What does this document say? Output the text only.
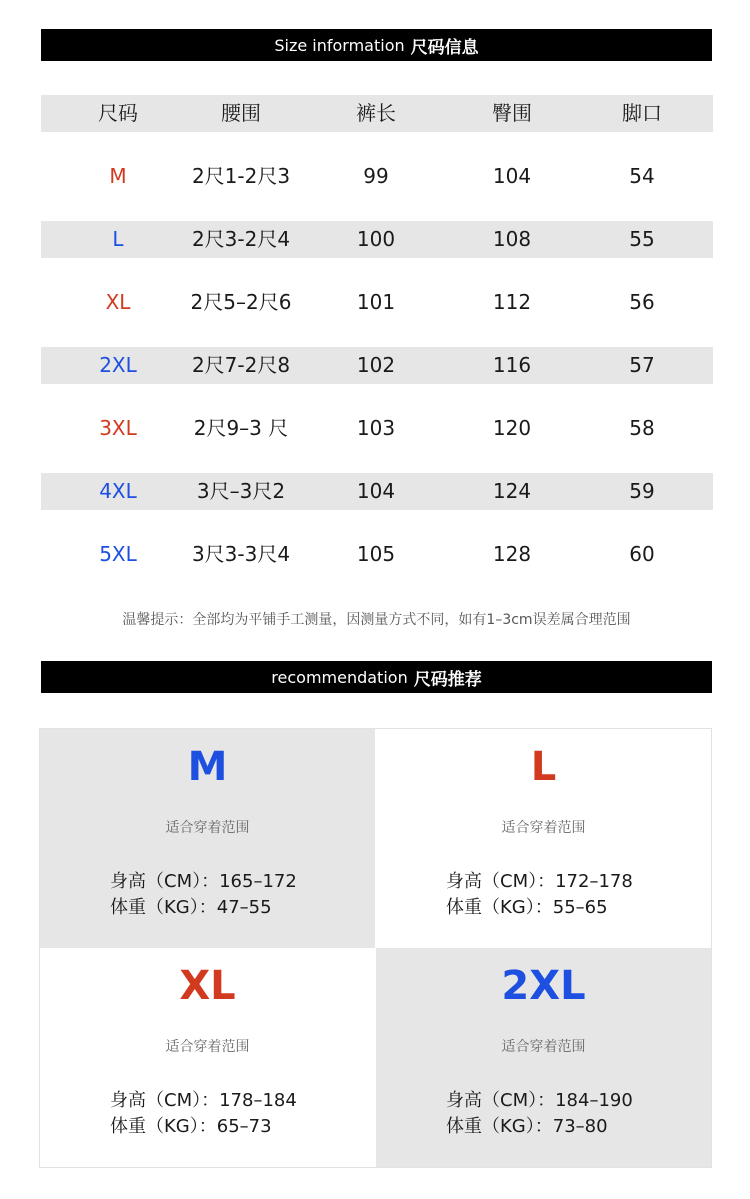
Size information 尺码信息
尺码	腰围	裤长	臀围	脚口
M	2尺1-2尺3	99	104	54
L	2尺3-2尺4	100	108	55
XL	2尺5–2尺6	101	112	56
2XL	2尺7-2尺8	102	116	57
3XL	2尺9–3 尺	103	120	58
4XL	3尺–3尺2	104	124	59
5XL	3尺3-3尺4	105	128	60
温馨提示：全部均为平铺手工测量，因测量方式不同，如有1–3cm误差属合理范围
recommendation 尺码推荐
M
适合穿着范围
身高（CM）：165–172
体重（KG）：47–55
L
适合穿着范围
身高（CM）：172–178
体重（KG）：55–65
XL
适合穿着范围
身高（CM）：178–184
体重（KG）：65–73
2XL
适合穿着范围
身高（CM）：184–190
体重（KG）：73–80
